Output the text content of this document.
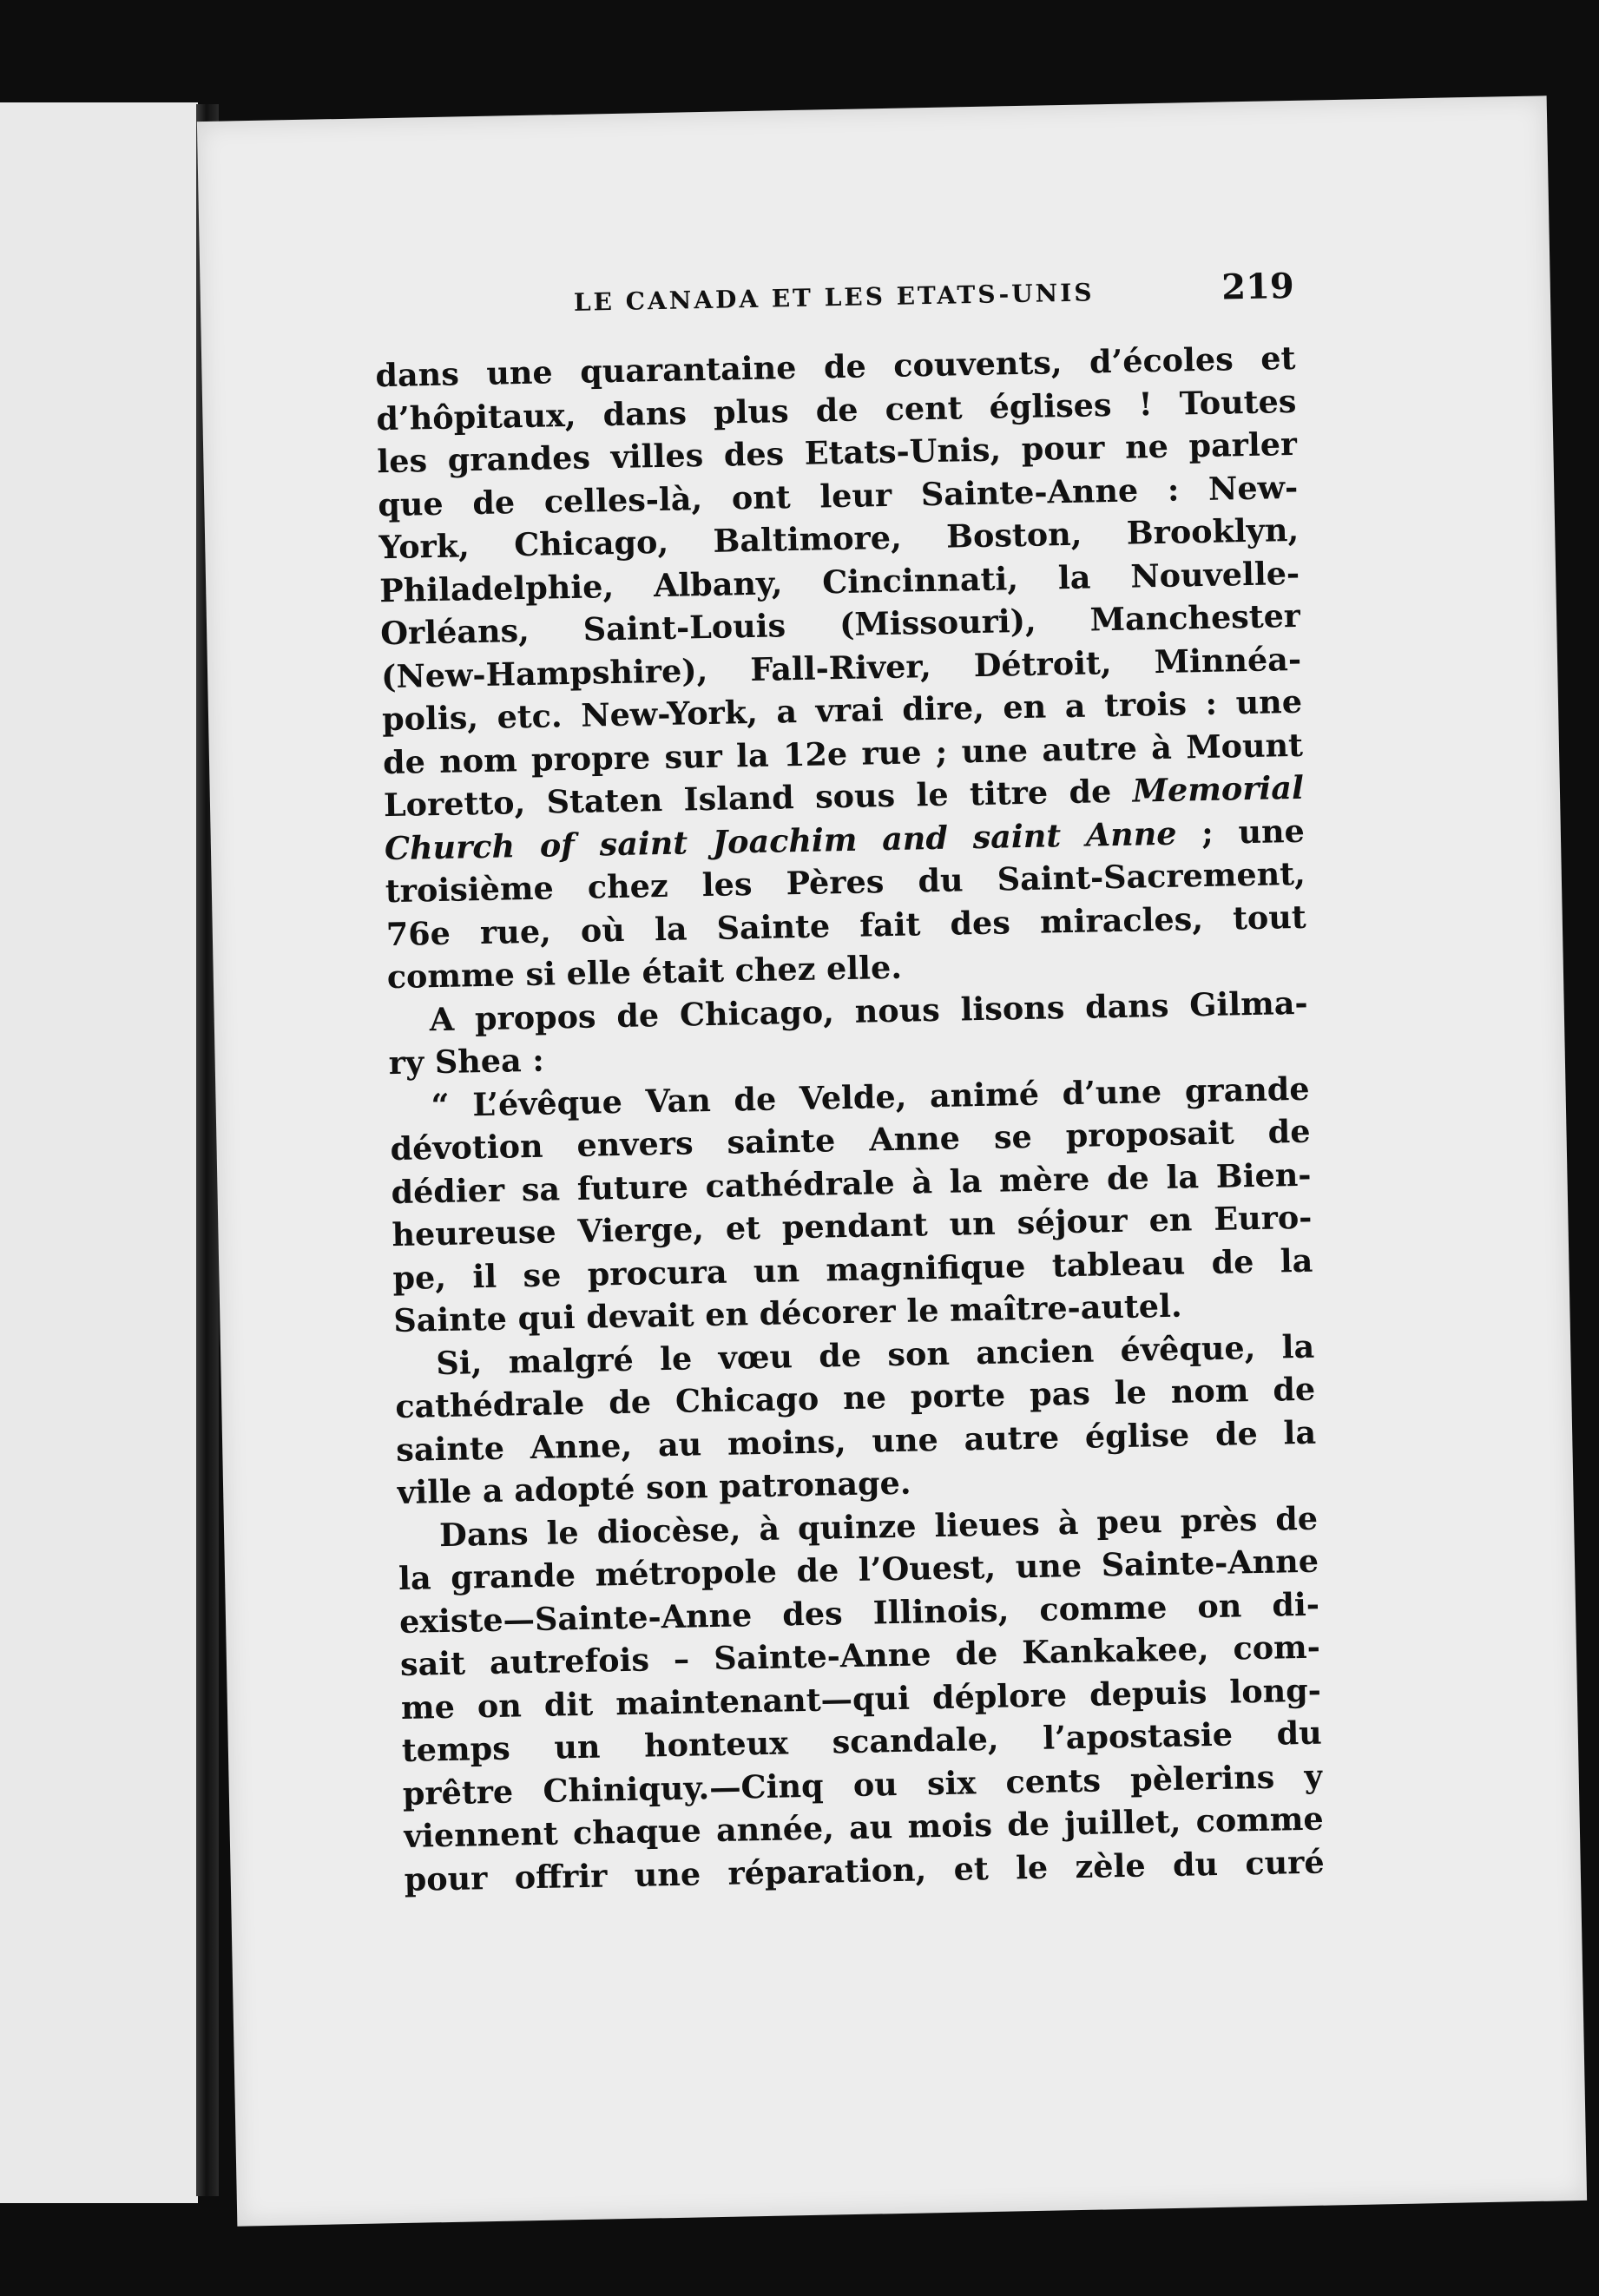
LE CANADA ET LES ETATS-UNIS	219

dans une quarantaine de couvents, d’écoles et
d’hôpitaux, dans plus de cent églises ! Toutes
les grandes villes des Etats-Unis, pour ne parler
que de celles-là, ont leur Sainte-Anne : New-
York, Chicago, Baltimore, Boston, Brooklyn,
Philadelphie, Albany, Cincinnati, la Nouvelle-
Orléans, Saint-Louis (Missouri), Manchester
(New-Hampshire), Fall-River, Détroit, Minnéa-
polis, etc. New-York, a vrai dire, en a trois : une
de nom propre sur la 12e rue ; une autre à Mount
Loretto, Staten Island sous le titre de Memorial
Church of saint Joachim and saint Anne ; une
troisième chez les Pères du Saint-Sacrement,
76e rue, où la Sainte fait des miracles, tout
comme si elle était chez elle.

A propos de Chicago, nous lisons dans Gilma-
ry Shea :

“ L’évêque Van de Velde, animé d’une grande
dévotion envers sainte Anne se proposait de
dédier sa future cathédrale à la mère de la Bien-
heureuse Vierge, et pendant un séjour en Euro-
pe, il se procura un magnifique tableau de la
Sainte qui devait en décorer le maître-autel.

Si, malgré le vœu de son ancien évêque, la
cathédrale de Chicago ne porte pas le nom de
sainte Anne, au moins, une autre église de la
ville a adopté son patronage.

Dans le diocèse, à quinze lieues à peu près de
la grande métropole de l’Ouest, une Sainte-Anne
existe—Sainte-Anne des Illinois, comme on di-
sait autrefois – Sainte-Anne de Kankakee, com-
me on dit maintenant—qui déplore depuis long-
temps un honteux scandale, l’apostasie du
prêtre Chiniquy.—Cinq ou six cents pèlerins y
viennent chaque année, au mois de juillet, comme
pour offrir une réparation, et le zèle du curé
